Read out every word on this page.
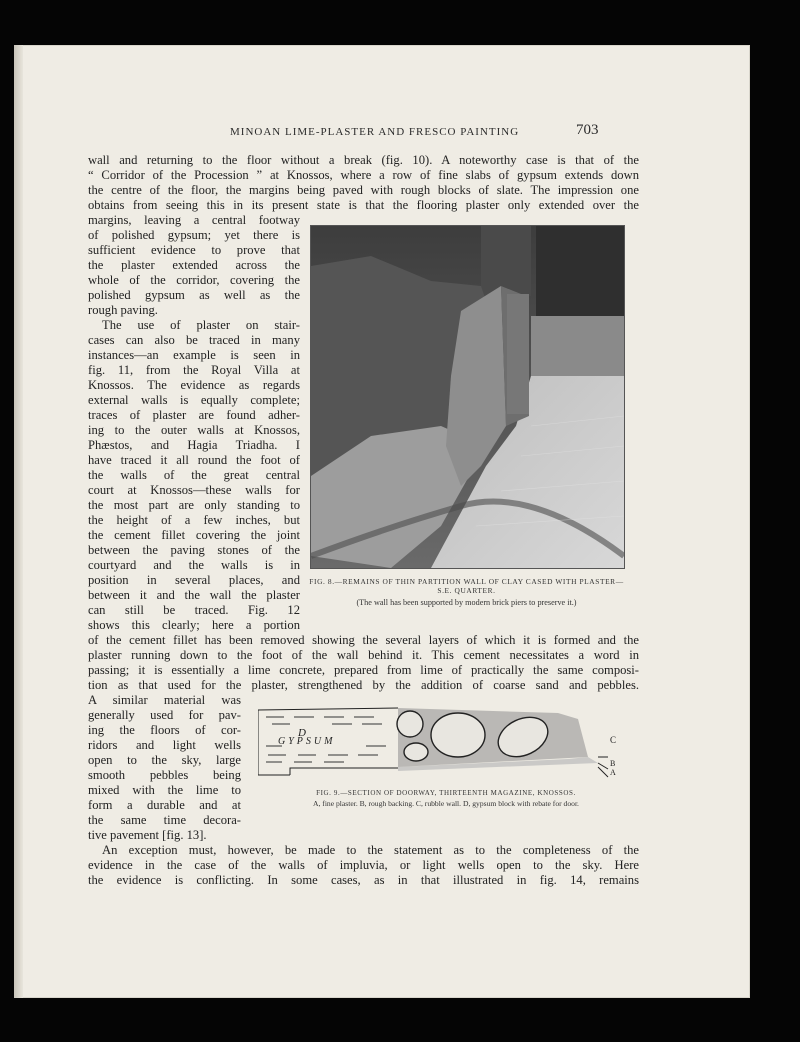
MINOAN LIME-PLASTER AND FRESCO PAINTING	703
wall and returning to the floor without a break (fig. 10). A noteworthy case is that of the
“ Corridor of the Procession ” at Knossos, where a row of fine slabs of gypsum extends down
the centre of the floor, the margins being paved with rough blocks of slate. The impression one
obtains from seeing this in its present state is that the flooring plaster only extended over the
margins, leaving a central footway
of polished gypsum; yet there is
sufficient evidence to prove that
the plaster extended across the
whole of the corridor, covering the
polished gypsum as well as the
rough paving.
The use of plaster on stair-
cases can also be traced in many
instances—an example is seen in
fig. 11, from the Royal Villa at
Knossos. The evidence as regards
external walls is equally complete;
traces of plaster are found adher-
ing to the outer walls at Knossos,
Phæstos, and Hagia Triadha. I
have traced it all round the foot of
the walls of the great central
court at Knossos—these walls for
the most part are only standing to
the height of a few inches, but
the cement fillet covering the joint
between the paving stones of the
courtyard and the walls is in
position in several places, and
between it and the wall the plaster
can still be traced. Fig. 12
shows this clearly; here a portion
of the cement fillet has been removed showing the several layers of which it is formed and the
plaster running down to the foot of the wall behind it. This cement necessitates a word in
passing; it is essentially a lime concrete, prepared from lime of practically the same composi-
tion as that used for the plaster, strengthened by the addition of coarse sand and pebbles.
A similar material was
generally used for pav-
ing the floors of cor-
ridors and light wells
open to the sky, large
smooth pebbles being
mixed with the lime to
form a durable and at
the same time decora-
tive pavement [fig. 13].
An exception must, however, be made to the statement as to the completeness of the
evidence in the case of the walls of impluvia, or light wells open to the sky. Here
the evidence is conflicting. In some cases, as in that illustrated in fig. 14, remains
FIG. 8.—REMAINS OF THIN PARTITION WALL OF CLAY CASED WITH PLASTER—
S.E. QUARTER.
(The wall has been supported by modern brick piers to preserve it.)
D
GYPSUM	C
B
A
FIG. 9.—SECTION OF DOORWAY, THIRTEENTH MAGAZINE, KNOSSOS.
A, fine plaster. B, rough backing. C, rubble wall. D, gypsum block with rebate for door.
